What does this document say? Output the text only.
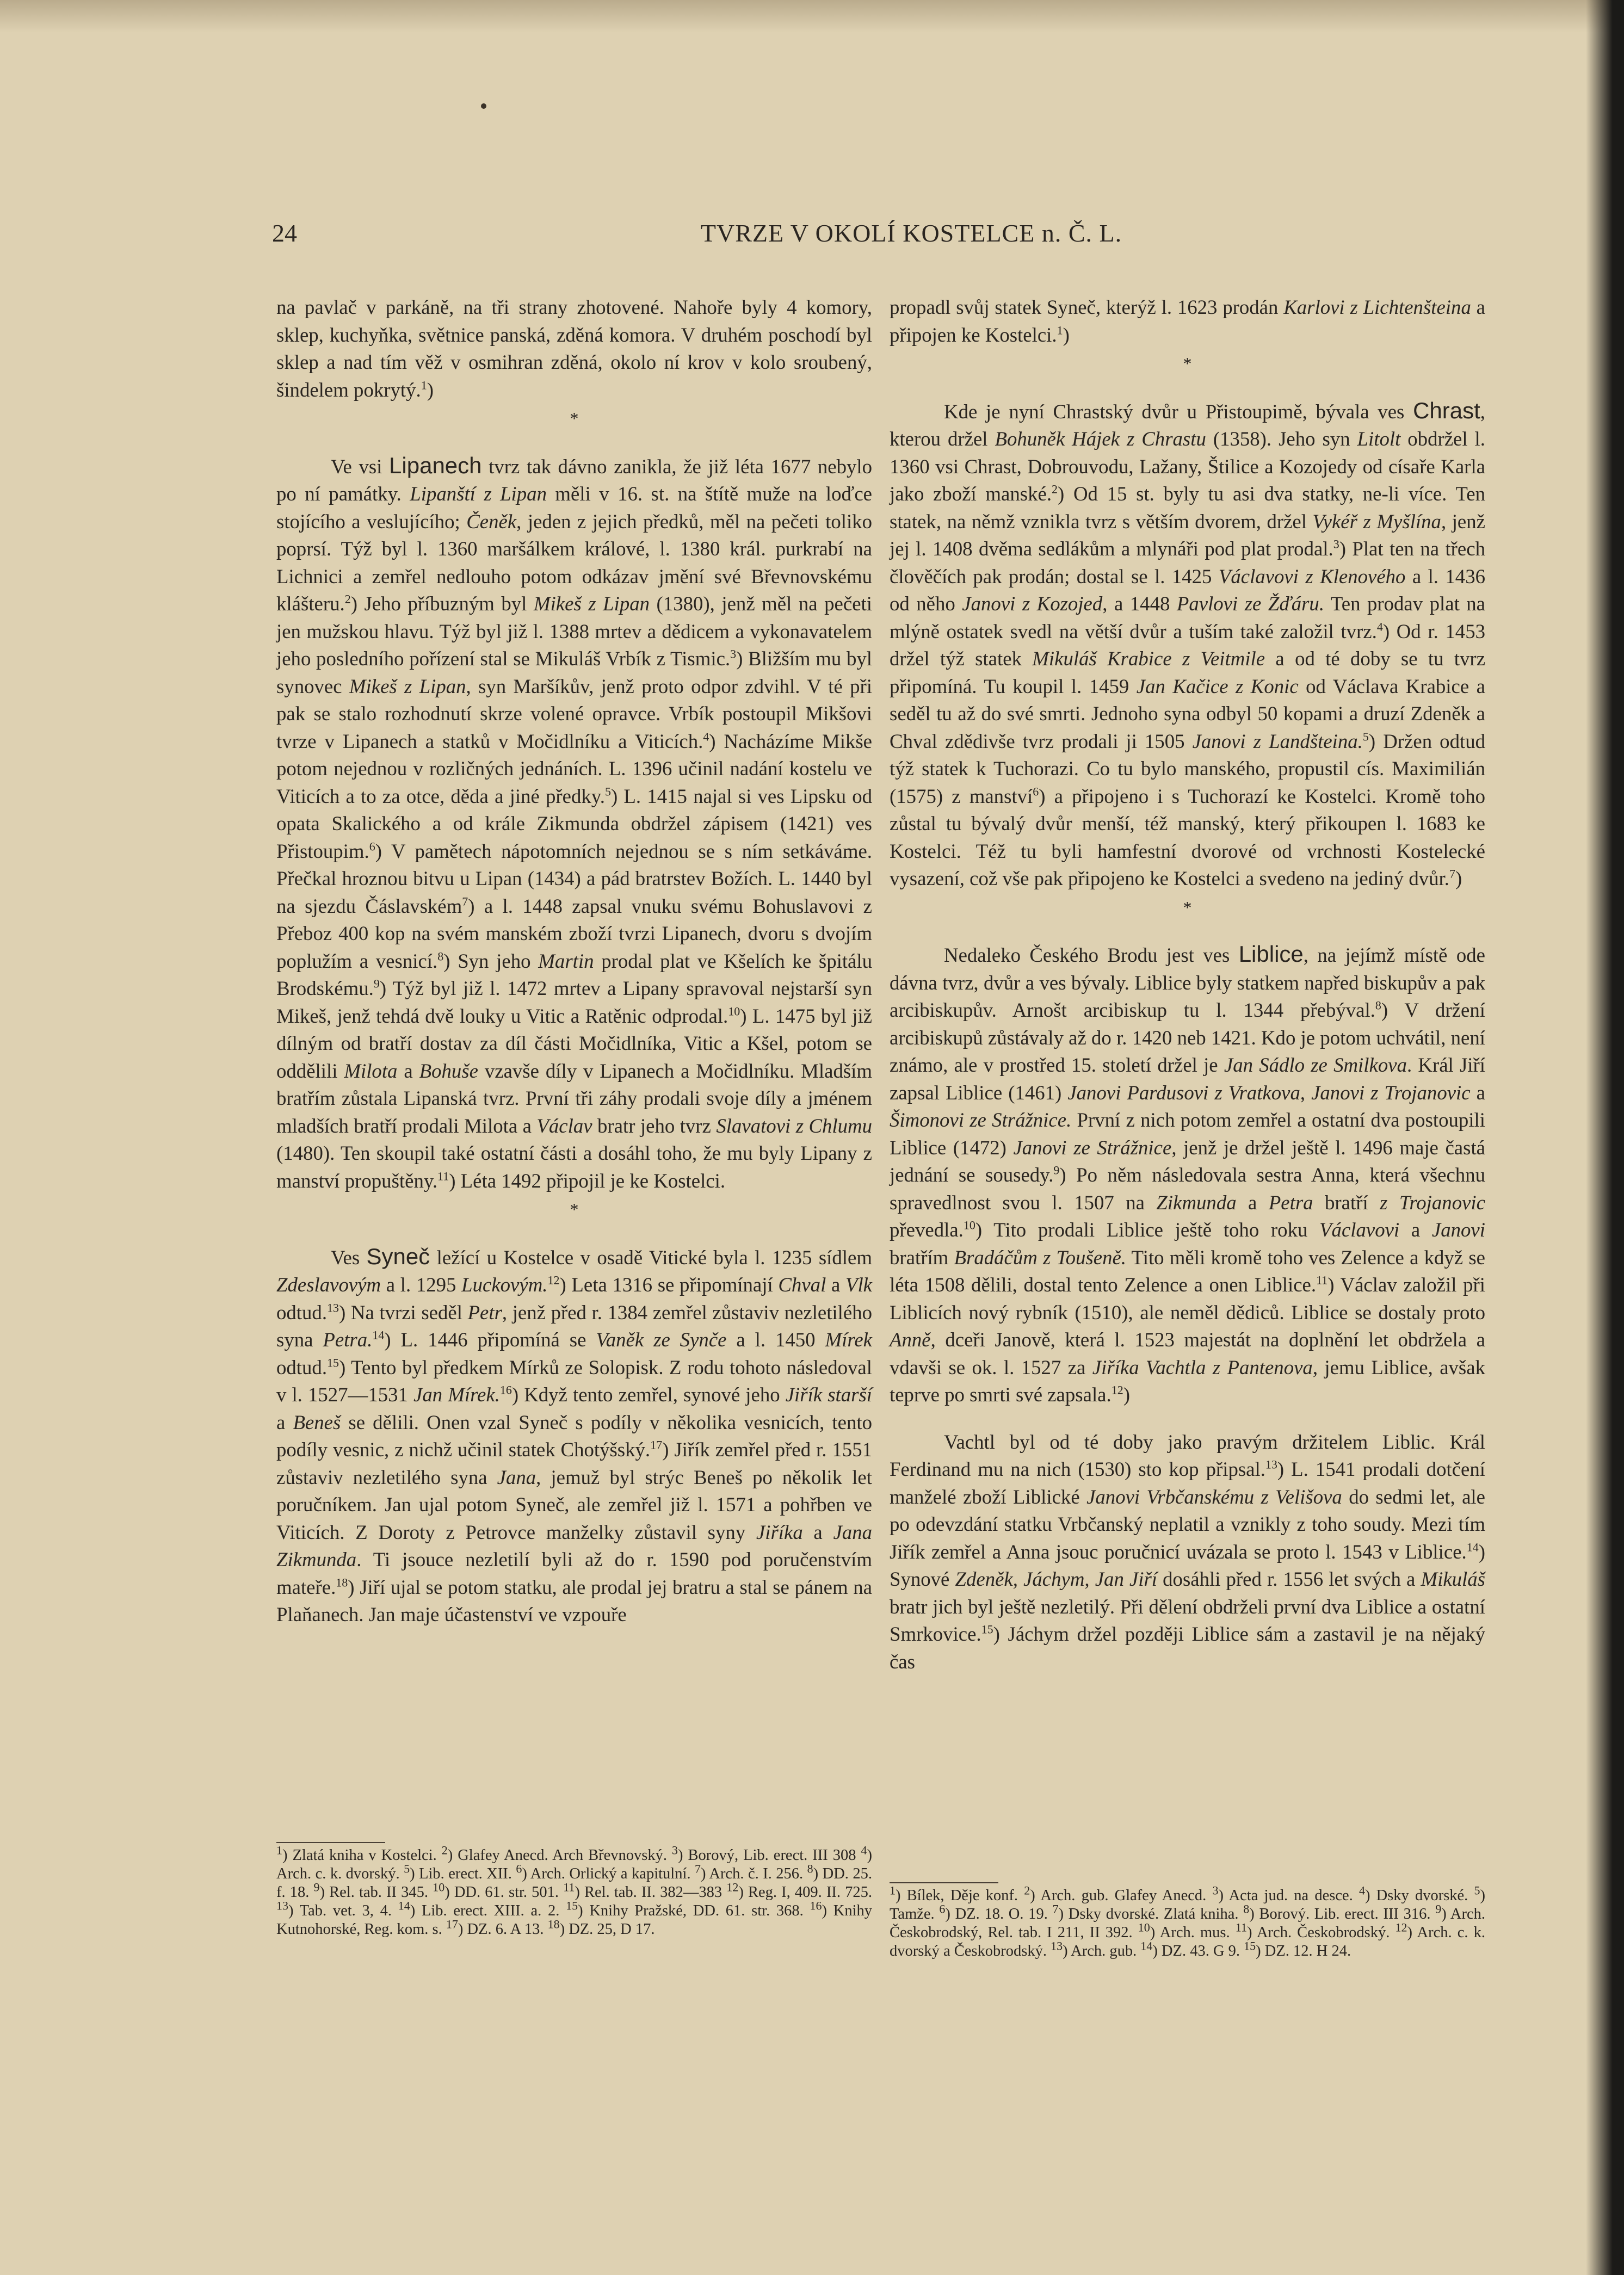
24	TVRZE V OKOLÍ KOSTELCE n. Č. L.

na pavlač v parkáně, na tři strany zhotovené. Nahoře byly 4 komory, sklep, kuchyňka, světnice panská, zděná komora. V druhém poschodí byl sklep a nad tím věž v osmihran zděná, okolo ní krov v kolo sroubený, šindelem pokrytý.$^1$)

*

Ve vsi Lipanech tvrz tak dávno zanikla, že již léta 1677 nebylo po ní památky. Lipanští z Lipan měli v 16. st. na štítě muže na loďce stojícího a veslujícího; Čeněk, jeden z jejich předků, měl na pečeti toliko poprsí. Týž byl l. 1360 maršálkem králové, l. 1380 král. purkrabí na Lichnici a zemřel nedlouho potom odkázav jmění své Břevnovskému klášteru.$^2$) Jeho příbuzným byl Mikeš z Lipan (1380), jenž měl na pečeti jen mužskou hlavu. Týž byl již l. 1388 mrtev a dědicem a vykonavatelem jeho posledního pořízení stal se Mikuláš Vrbík z Tismic.$^3$) Bližším mu byl synovec Mikeš z Lipan, syn Maršíkův, jenž proto odpor zdvihl. V té při pak se stalo rozhodnutí skrze volené opravce. Vrbík postoupil Mikšovi tvrze v Lipanech a statků v Močidlníku a Viticích.$^4$) Nacházíme Mikše potom nejednou v rozličných jednáních. L. 1396 učinil nadání kostelu ve Viticích a to za otce, děda a jiné předky.$^5$) L. 1415 najal si ves Lipsku od opata Skalického a od krále Zikmunda obdržel zápisem (1421) ves Přistoupim.$^6$) V pamětech nápotomních nejednou se s ním setkáváme. Přečkal hroznou bitvu u Lipan (1434) a pád bratrstev Božích. L. 1440 byl na sjezdu Čáslavském$^7$) a l. 1448 zapsal vnuku svému Bohuslavovi z Přeboz 400 kop na svém manském zboží tvrzi Lipanech, dvoru s dvojím poplužím a vesnicí.$^8$) Syn jeho Martin prodal plat ve Kšelích ke špitálu Brodskému.$^9$) Týž byl již l. 1472 mrtev a Lipany spravoval nejstarší syn Mikeš, jenž tehdá dvě louky u Vitic a Ratěnic odprodal.$^{10}$) L. 1475 byl již dílným od bratří dostav za díl části Močidlníka, Vitic a Kšel, potom se oddělili Milota a Bohuše vzavše díly v Lipanech a Močidlníku. Mladším bratřím zůstala Lipanská tvrz. První tři záhy prodali svoje díly a jménem mladších bratří prodali Milota a Václav bratr jeho tvrz Slavatovi z Chlumu (1480). Ten skoupil také ostatní části a dosáhl toho, že mu byly Lipany z manství propuštěny.$^{11}$) Léta 1492 připojil je ke Kostelci.

*

Ves Syneč ležící u Kostelce v osadě Vitické byla l. 1235 sídlem Zdeslavovým a l. 1295 Luckovým.$^{12}$) Leta 1316 se připomínají Chval a Vlk odtud.$^{13}$) Na tvrzi seděl Petr, jenž před r. 1384 zemřel zůstaviv nezletilého syna Petra.$^{14}$) L. 1446 připomíná se Vaněk ze Synče a l. 1450 Mírek odtud.$^{15}$) Tento byl předkem Mírků ze Solopisk. Z rodu tohoto následoval v l. 1527—1531 Jan Mírek.$^{16}$) Když tento zemřel, synové jeho Jiřík starší a Beneš se dělili. Onen vzal Syneč s podíly v několika vesnicích, tento podíly vesnic, z nichž učinil statek Chotýšský.$^{17}$) Jiřík zemřel před r. 1551 zůstaviv nezletilého syna Jana, jemuž byl strýc Beneš po několik let poručníkem. Jan ujal potom Syneč, ale zemřel již l. 1571 a pohřben ve Viticích. Z Doroty z Petrovce manželky zůstavil syny Jiříka a Jana Zikmunda. Ti jsouce nezletilí byli až do r. 1590 pod poručenstvím mateře.$^{18}$) Jiří ujal se potom statku, ale prodal jej bratru a stal se pánem na Plaňanech. Jan maje účastenství ve vzpouře

$^1$) Zlatá kniha v Kostelci. $^2$) Glafey Anecd. Arch Břevnovský. $^3$) Borový, Lib. erect. III 308 $^4$) Arch. c. k. dvorský. $^5$) Lib. erect. XII. $^6$) Arch. Orlický a kapitulní. $^7$) Arch. č. I. 256. $^8$) DD. 25. f. 18. $^9$) Rel. tab. II 345. $^{10}$) DD. 61. str. 501. $^{11}$) Rel. tab. II. 382—383 $^{12}$) Reg. I, 409. II. 725. $^{13}$) Tab. vet. 3, 4. $^{14}$) Lib. erect. XIII. a. 2. $^{15}$) Knihy Pražské, DD. 61. str. 368. $^{16}$) Knihy Kutnohorské, Reg. kom. s. $^{17}$) DZ. 6. A 13. $^{18}$) DZ. 25, D 17.

propadl svůj statek Syneč, kterýž l. 1623 prodán Karlovi z Lichtenšteina a připojen ke Kostelci.$^1$)

*

Kde je nyní Chrastský dvůr u Přistoupimě, bývala ves Chrast, kterou držel Bohuněk Hájek z Chrastu (1358). Jeho syn Litolt obdržel l. 1360 vsi Chrast, Dobrouvodu, Lažany, Štilice a Kozojedy od císaře Karla jako zboží manské.$^2$) Od 15 st. byly tu asi dva statky, ne-li více. Ten statek, na němž vznikla tvrz s větším dvorem, držel Vykéř z Myšlína, jenž jej l. 1408 dvěma sedlákům a mlynáři pod plat prodal.$^3$) Plat ten na třech člověčích pak prodán; dostal se l. 1425 Václavovi z Klenového a l. 1436 od něho Janovi z Kozojed, a 1448 Pavlovi ze Žďáru. Ten prodav plat na mlýně ostatek svedl na větší dvůr a tuším také založil tvrz.$^4$) Od r. 1453 držel týž statek Mikuláš Krabice z Veitmile a od té doby se tu tvrz připomíná. Tu koupil l. 1459 Jan Kačice z Konic od Václava Krabice a seděl tu až do své smrti. Jednoho syna odbyl 50 kopami a druzí Zdeněk a Chval zdědivše tvrz prodali ji 1505 Janovi z Landšteina.$^5$) Držen odtud týž statek k Tuchorazi. Co tu bylo manského, propustil cís. Maximilián (1575) z manství$^6$) a připojeno i s Tuchorazí ke Kostelci. Kromě toho zůstal tu bývalý dvůr menší, též manský, který přikoupen l. 1683 ke Kostelci. Též tu byli hamfestní dvorové od vrchnosti Kostelecké vysazení, což vše pak připojeno ke Kostelci a svedeno na jediný dvůr.$^7$)

*

Nedaleko Českého Brodu jest ves Liblice, na jejímž místě ode dávna tvrz, dvůr a ves bývaly. Liblice byly statkem napřed biskupův a pak arcibiskupův. Arnošt arcibiskup tu l. 1344 přebýval.$^8$) V držení arcibiskupů zůstávaly až do r. 1420 neb 1421. Kdo je potom uchvátil, není známo, ale v prostřed 15. století držel je Jan Sádlo ze Smilkova. Král Jiří zapsal Liblice (1461) Janovi Pardusovi z Vratkova, Janovi z Trojanovic a Šimonovi ze Strážnice. První z nich potom zemřel a ostatní dva postoupili Liblice (1472) Janovi ze Strážnice, jenž je držel ještě l. 1496 maje častá jednání se sousedy.$^9$) Po něm následovala sestra Anna, která všechnu spravedlnost svou l. 1507 na Zikmunda a Petra bratří z Trojanovic převedla.$^{10}$) Tito prodali Liblice ještě toho roku Václavovi a Janovi bratřím Bradáčům z Toušeně. Tito měli kromě toho ves Zelence a když se léta 1508 dělili, dostal tento Zelence a onen Liblice.$^{11}$) Václav založil při Liblicích nový rybník (1510), ale neměl dědiců. Liblice se dostaly proto Anně, dceři Janově, která l. 1523 majestát na doplnění let obdržela a vdavši se ok. l. 1527 za Jiříka Vachtla z Pantenova, jemu Liblice, avšak teprve po smrti své zapsala.$^{12}$)

Vachtl byl od té doby jako pravým držitelem Liblic. Král Ferdinand mu na nich (1530) sto kop připsal.$^{13}$) L. 1541 prodali dotčení manželé zboží Liblické Janovi Vrbčanskému z Velišova do sedmi let, ale po odevzdání statku Vrbčanský neplatil a vznikly z toho soudy. Mezi tím Jiřík zemřel a Anna jsouc poručnicí uvázala se proto l. 1543 v Liblice.$^{14}$) Synové Zdeněk, Jáchym, Jan Jiří dosáhli před r. 1556 let svých a Mikuláš bratr jich byl ještě nezletilý. Při dělení obdrželi první dva Liblice a ostatní Smrkovice.$^{15}$) Jáchym držel později Liblice sám a zastavil je na nějaký čas

$^1$) Bílek, Děje konf. $^2$) Arch. gub. Glafey Anecd. $^3$) Acta jud. na desce. $^4$) Dsky dvorské. $^5$) Tamže. $^6$) DZ. 18. O. 19. $^7$) Dsky dvorské. Zlatá kniha. $^8$) Borový. Lib. erect. III 316. $^9$) Arch. Českobrodský, Rel. tab. I 211, II 392. $^{10}$) Arch. mus. $^{11}$) Arch. Českobrodský. $^{12}$) Arch. c. k. dvorský a Českobrodský. $^{13}$) Arch. gub. $^{14}$) DZ. 43. G 9. $^{15}$) DZ. 12. H 24.
